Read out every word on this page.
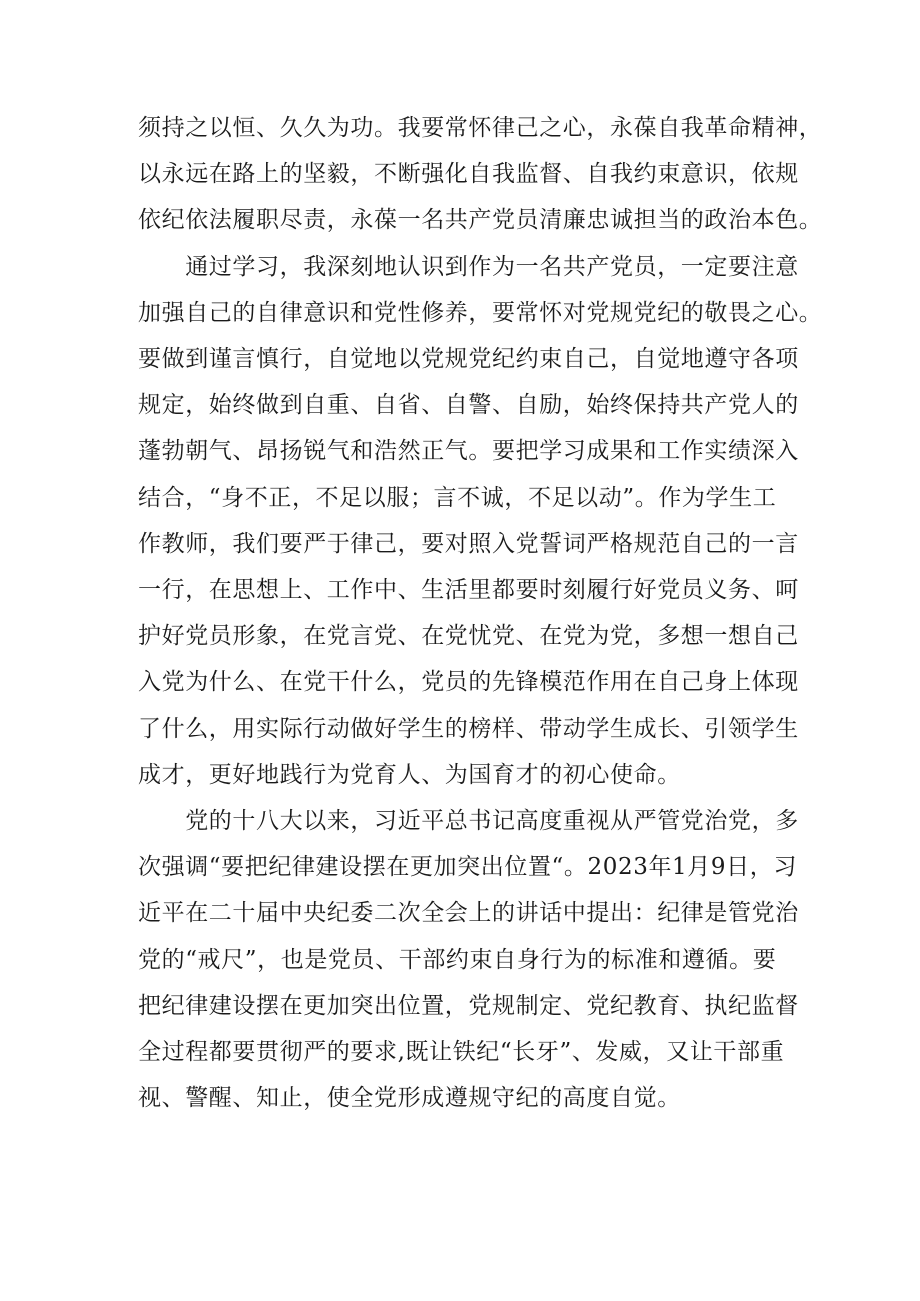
须持之以恒、久久为功。我要常怀律己之心，永葆自我革命精神，
以永远在路上的坚毅，不断强化自我监督、自我约束意识，依规
依纪依法履职尽责，永葆一名共产党员清廉忠诚担当的政治本色。

　　通过学习，我深刻地认识到作为一名共产党员，一定要注意
加强自己的自律意识和党性修养，要常怀对党规党纪的敬畏之心。
要做到谨言慎行，自觉地以党规党纪约束自己，自觉地遵守各项
规定，始终做到自重、自省、自警、自励，始终保持共产党人的
蓬勃朝气、昂扬锐气和浩然正气。要把学习成果和工作实绩深入
结合，“身不正，不足以服；言不诚，不足以动”。作为学生工
作教师，我们要严于律己，要对照入党誓词严格规范自己的一言
一行，在思想上、工作中、生活里都要时刻履行好党员义务、呵
护好党员形象，在党言党、在党忧党、在党为党，多想一想自己
入党为什么、在党干什么，党员的先锋模范作用在自己身上体现
了什么，用实际行动做好学生的榜样、带动学生成长、引领学生
成才，更好地践行为党育人、为国育才的初心使命。

　　党的十八大以来，习近平总书记高度重视从严管党治党，多
次强调“要把纪律建设摆在更加突出位置“。2023年1月9日，习
近平在二十届中央纪委二次全会上的讲话中提出：纪律是管党治
党的“戒尺”，也是党员、干部约束自身行为的标准和遵循。要
把纪律建设摆在更加突出位置，党规制定、党纪教育、执纪监督
全过程都要贯彻严的要求,既让铁纪“长牙”、发威，又让干部重
视、警醒、知止，使全党形成遵规守纪的高度自觉。
